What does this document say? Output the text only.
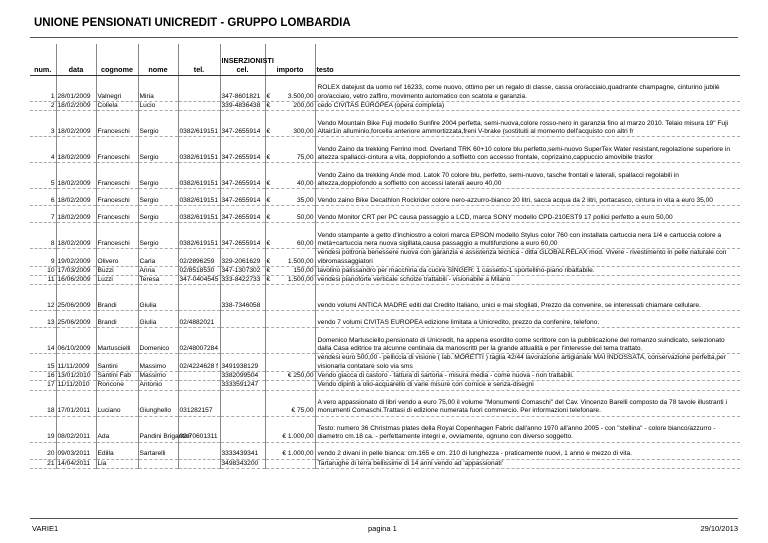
UNIONE PENSIONATI UNICREDIT - GRUPPO LOMBARDIA
num.	data	cognome	nome	tel.	INSERZIONISTI cel.	importo	testo
1	28/01/2009	Valnegri	Miria		347-8601821	€ 3.500,00	ROLEX datejust da uomo ref 16233, come nuovo, ottimo per un regalo di classe, cassa oro/acciaio,quadrante champagne, cinturino jubilè oro/acciaio, vetro zaffiro, movimento automatico con scatola e garanzia.
2	18/02/2009	Collela	Lucio		339-4836438	€ 200,00	cedo CIVITAS EUROPEA (opera completa)
3	18/02/2009	Franceschi	Sergio	0382/619151	347-2655914	€ 300,00	Vendo Mountain Bike Fuji modello Sunfire 2004 perfetta, semi-nuova,colore rosso-nero in garanzia fino al marzo 2010. Telaio misura 19" Fuji Altair1in alluminio,forcella anteriore ammortizzata,freni V-brake (sostituiti al momento dell'acquisto con altri fr
4	18/02/2009	Franceschi	Sergio	0382/619151	347-2655914	€ 75,00	Vendo Zaino da trekking Ferrino mod. Overland TRK 60+10 colore blu perfetto,semi-nuovo SuperTex Water resistant,regolazione superiore in altezza spallacci-cintura a vita, doppiofondo a soffietto con accesso frontale, coprizaino,cappuccio amovibile trasfor
5	18/02/2009	Franceschi	Sergio	0382/619151	347-2655914	€ 40,00	Vendo Zaino da trekking Ande mod. Latok 70 colore blu, perfetto, semi-nuovo, tasche frontali e laterali, spallacci regolabili in altezza,doppiofondo a soffietto con accessi laterali aeuro 40,00
6	18/02/2009	Franceschi	Sergio	0382/619151	347-2655914	€ 35,00	Vendo zaino Bike Decathlon Rockrider colore nero-azzurro-bianco 20 litri, sacca acqua da 2 litri, portacasco, cintura in vita a euro 35,00
7	18/02/2009	Franceschi	Sergio	0382/619151	347-2655914	€ 50,00	Vendo Monitor CRT per PC causa passaggio a LCD, marca SONY modello CPD-210EST9 17 pollici perfetto a euro 50,00
8	18/02/2009	Franceschi	Sergio	0382/619151	347-2655914	€ 60,00	Vendo stampante a getto d'inchiostro a colori marca EPSON modello Stylus color 760 con installata cartuccia nera 1/4 e cartuccia colore a metà+cartuccia nera nuova sigillata,causa passaggio a multifunzione a euro 60,00
9	19/02/2009	Olivero	Carla	02/2896259	329-2061629	€ 1.500,00	vendesi poltrona benessere nuova con garanzia e assistenza tecnica - ditta GLOBALRELAX mod. Vivere - rivestimento in pelle naturale con vibromassaggiatori
10	17/03/2009	Buzzi	Anna	02/8518530	347-1307302	€ 150,00	tavolino palissandro per macchina da cucire SINGER: 1 cassetto-1 sportellino-piano ribaltabile.
11	16/06/2009	Luzzi	Teresa	347-0404545	333-8422733	€ 1.500,00	vendesi pianoforte verticale scholze trattabili - visionabile a Milano
12	25/06/2009	Brandi	Giulia		338-7346058		vendo volumi ANTICA MADRE editi dal Credito Italiano, unici e mai sfogliati, Prezzo da convenire, se interessati chiamare cellulare.
13	25/06/2009	Brandi	Giulia	02/4882021			vendo 7 volumi CIVITAS EUROPEA edizione limitata a Unicredito, prezzo da confenire, telefono.
14	06/10/2009	Martuscielli	Domenico	02/48007284			Domenico Martusciello,pensionato di Unicredit, ha appena esordito come scrittore con la pubblicazione del romanzo suindicato, selezionato dalla Casa editrice tra alcunne centinaia da manoscritti per la grande attualità e per l'interesse del tema trattato.
15	11/11/2009	Santini	Massimo	02/4224628 f	3491938129		vendesi euro 500,00 - pelliccia di visione ( lab. MORETTI ) taglia 42/44 lavorazione artigianale MAI INDOSSATA, conservazione perfetta,per visionarla contatare solo via sms
16	13/01/2010	Santini Fab	Massimo		3382099504	€ 250,00	Vendo giacca di castoro - fattura di sartoria - misura media - come nuova - non trattabili.
17	11/11/2010	Roncone	Antonio		3333591247		Vendo dipinti a olio-acquarello di varie misure con cornice e senza-disegni
18	17/01/2011	Luciano	Giunghello	031282157		€ 75,00	A vero appassionato di libri vendo a euro 75,00 il volume "Monumenti Comaschi" del Cav. Vincenzo Barelli composto da 78 tavole illustranti i monumenti Comaschi.Trattasi di edizione numerata fuori commercio. Per informazioni telefonare.
19	08/02/2011	Ada	Pandini Brigantini	02/70601311		€ 1.000,00	Testo: numero 36 Christmas plates della Royal Copenhagen Fabric dall'anno 1970 all'anno 2005 - con "stellina" - colore bianco/azzurro - diametro cm.18 ca. - perfettamente integri e, ovviamente, ognuno con diverso soggetto.
20	09/03/2011	Edilla	Sartarelli		3333439341	€ 1.000,00	vendo 2 divani in pelle bianca: cm.165 e cm. 210 di lunghezza - praticamente nuovi, 1 anno e mezzo di vita.
21	14/04/2011	Lia			3498343200		Tartarughe di terra bellissime di 14 anni vendo ad 'appassionati'
VARIE1	pagina 1	29/10/2013
